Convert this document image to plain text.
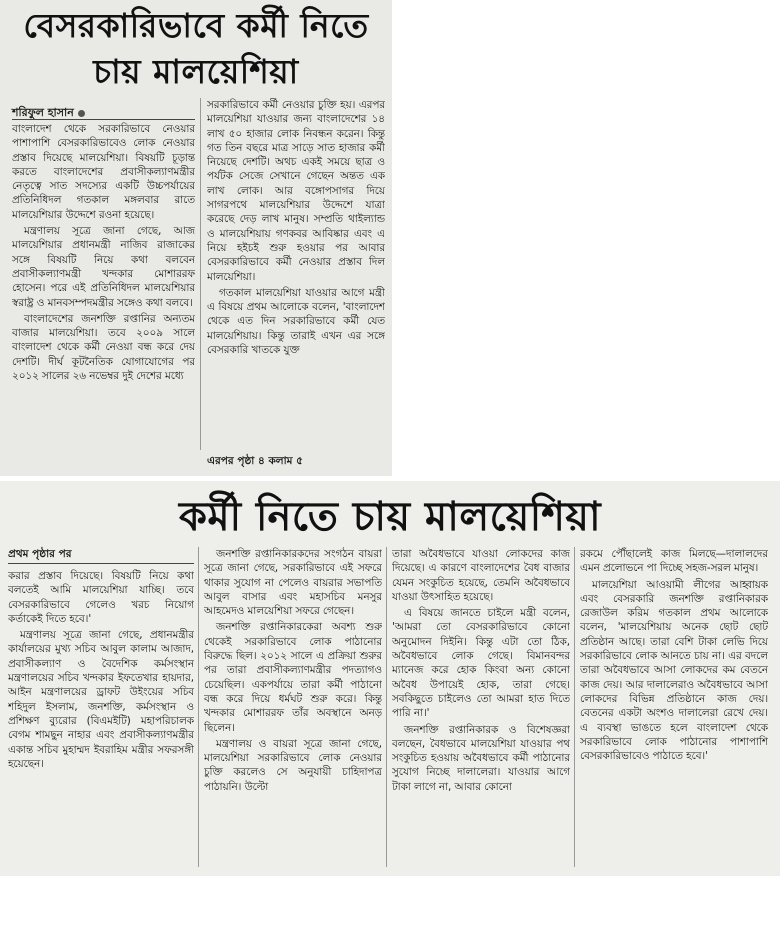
বেসরকারিভাবে কর্মী নিতে
চায় মালয়েশিয়া
শরিফুল হাসান

বাংলাদেশ থেকে সরকারিভাবে নেওয়ার পাশাপাশি বেসরকারিভাবেও লোক নেওয়ার প্রস্তাব দিয়েছে মালয়েশিয়া। বিষয়টি চূড়ান্ত করতে বাংলাদেশের প্রবাসীকল্যাণমন্ত্রীর নেতৃত্বে সাত সদস্যের একটি উচ্চপর্যায়ের প্রতিনিধিদল গতকাল মঙ্গলবার রাতে মালয়েশিয়ার উদ্দেশে রওনা হয়েছে।

মন্ত্রণালয় সূত্রে জানা গেছে, আজ মালয়েশিয়ার প্রধানমন্ত্রী নাজিব রাজাকের সঙ্গে বিষয়টি নিয়ে কথা বলবেন প্রবাসীকল্যাণমন্ত্রী খন্দকার মোশাররফ হোসেন। পরে এই প্রতিনিধিদল মালয়েশিয়ার স্বরাষ্ট্র ও মানবসম্পদমন্ত্রীর সঙ্গেও কথা বলবে।

বাংলাদেশের জনশক্তি রপ্তানির অন্যতম বাজার মালয়েশিয়া। তবে ২০০৯ সালে বাংলাদেশ থেকে কর্মী নেওয়া বন্ধ করে দেয় দেশটি। দীর্ঘ কূটনৈতিক যোগাযোগের পর ২০১২ সালের ২৬ নভেম্বর দুই দেশের মধ্যে

সরকারিভাবে কর্মী নেওয়ার চুক্তি হয়। এরপর মালয়েশিয়া যাওয়ার জন্য বাংলাদেশের ১৪ লাখ ৫০ হাজার লোক নিবন্ধন করেন। কিন্তু গত তিন বছরে মাত্র সাড়ে সাত হাজার কর্মী নিয়েছে দেশটি। অথচ একই সময়ে ছাত্র ও পর্যটক সেজে সেখানে গেছেন অন্তত এক লাখ লোক। আর বঙ্গোপসাগর দিয়ে সাগরপথে মালয়েশিয়ার উদ্দেশে যাত্রা করেছে দেড় লাখ মানুষ। সম্প্রতি থাইল্যান্ড ও মালয়েশিয়ায় গণকবর আবিষ্কার এবং এ নিয়ে হইচই শুরু হওয়ার পর আবার বেসরকারিভাবে কর্মী নেওয়ার প্রস্তাব দিল মালয়েশিয়া।

গতকাল মালয়েশিয়া যাওয়ার আগে মন্ত্রী এ বিষয়ে প্রথম আলোকে বলেন, 'বাংলাদেশ থেকে এত দিন সরকারিভাবে কর্মী যেত মালয়েশিয়ায়। কিন্তু তারাই এখন এর সঙ্গে বেসরকারি খাতকে যুক্ত

এরপর পৃষ্ঠা ৪ কলাম ৫
কর্মী নিতে চায় মালয়েশিয়া
প্রথম পৃষ্ঠার পর

করার প্রস্তাব দিয়েছে। বিষয়টি নিয়ে কথা বলতেই আমি মালয়েশিয়া যাচ্ছি। তবে বেসরকারিভাবে গেলেও খরচ নিয়োগ কর্তাকেই দিতে হবে।'

মন্ত্রণালয় সূত্রে জানা গেছে, প্রধানমন্ত্রীর কার্যালয়ের মুখ্য সচিব আবুল কালাম আজাদ, প্রবাসীকল্যাণ ও বৈদেশিক কর্মসংস্থান মন্ত্রণালয়ের সচিব খন্দকার ইফতেখার হায়দার, আইন মন্ত্রণালয়ের ড্রাফট উইংয়ের সচিব শহিদুল ইসলাম, জনশক্তি, কর্মসংস্থান ও প্রশিক্ষণ ব্যুরোর (বিএমইটি) মহাপরিচালক বেগম শামছুন নাহার এবং প্রবাসীকল্যাণমন্ত্রীর একান্ত সচিব মুহাম্মদ ইবরাহিম মন্ত্রীর সফরসঙ্গী হয়েছেন।

জনশক্তি রপ্তানিকারকদের সংগঠন বায়রা সূত্রে জানা গেছে, সরকারিভাবে এই সফরে থাকার সুযোগ না পেলেও বায়রার সভাপতি আবুল বাসার এবং মহাসচিব মনসুর আহমেদও মালয়েশিয়া সফরে গেছেন।

জনশক্তি রপ্তানিকারকেরা অবশ্য শুরু থেকেই সরকারিভাবে লোক পাঠানোর বিরুদ্ধে ছিল। ২০১২ সালে এ প্রক্রিয়া শুরুর পর তারা প্রবাসীকল্যাণমন্ত্রীর পদত্যাগও চেয়েছিল। একপর্যায়ে তারা কর্মী পাঠানো বন্ধ করে দিয়ে ধর্মঘট শুরু করে। কিন্তু খন্দকার মোশাররফ তাঁর অবস্থানে অনড় ছিলেন।

মন্ত্রণালয় ও বায়রা সূত্রে জানা গেছে, মালয়েশিয়া সরকারিভাবে লোক নেওয়ার চুক্তি করলেও সে অনুযায়ী চাহিদাপত্র পাঠায়নি। উল্টো

তারা অবৈধভাবে যাওয়া লোকদের কাজ দিয়েছে। এ কারণে বাংলাদেশের বৈধ বাজার যেমন সংকুচিত হয়েছে, তেমনি অবৈধভাবে যাওয়া উৎসাহিত হয়েছে।

এ বিষয়ে জানতে চাইলে মন্ত্রী বলেন, 'আমরা তো বেসরকারিভাবে কোনো অনুমোদন দিইনি। কিন্তু এটা তো ঠিক, অবৈধভাবে লোক গেছে। বিমানবন্দর ম্যানেজ করে হোক কিংবা অন্য কোনো অবৈধ উপায়েই হোক, তারা গেছে। সবকিছুতে চাইলেও তো আমরা হাত দিতে পারি না।'

জনশক্তি রপ্তানিকারক ও বিশেষজ্ঞরা বলছেন, বৈধভাবে মালয়েশিয়া যাওয়ার পথ সংকুচিত হওয়ায় অবৈধভাবে কর্মী পাঠানোর সুযোগ নিচ্ছে দালালেরা। যাওয়ার আগে টাকা লাগে না, আবার কোনো

রকমে পৌঁছালেই কাজ মিলছে—দালালদের এমন প্রলোভনে পা দিচ্ছে সহজ-সরল মানুষ।

মালয়েশিয়া আওয়ামী লীগের আহ্বায়ক এবং বেসরকারি জনশক্তি রপ্তানিকারক রেজাউল করিম গতকাল প্রথম আলোকে বলেন, 'মালয়েশিয়ায় অনেক ছোট ছোট প্রতিষ্ঠান আছে। তারা বেশি টাকা লেভি দিয়ে সরকারিভাবে লোক আনতে চায় না। এর বদলে তারা অবৈধভাবে আসা লোকদের কম বেতনে কাজ দেয়। আর দালালেরাও অবৈধভাবে আসা লোকদের বিভিন্ন প্রতিষ্ঠানে কাজ দেয়। বেতনের একটা অংশও দালালেরা রেখে দেয়। এ ব্যবস্থা ভাঙতে হলে বাংলাদেশ থেকে সরকারিভাবে লোক পাঠানোর পাশাপাশি বেসরকারিভাবেও পাঠাতে হবে।'
